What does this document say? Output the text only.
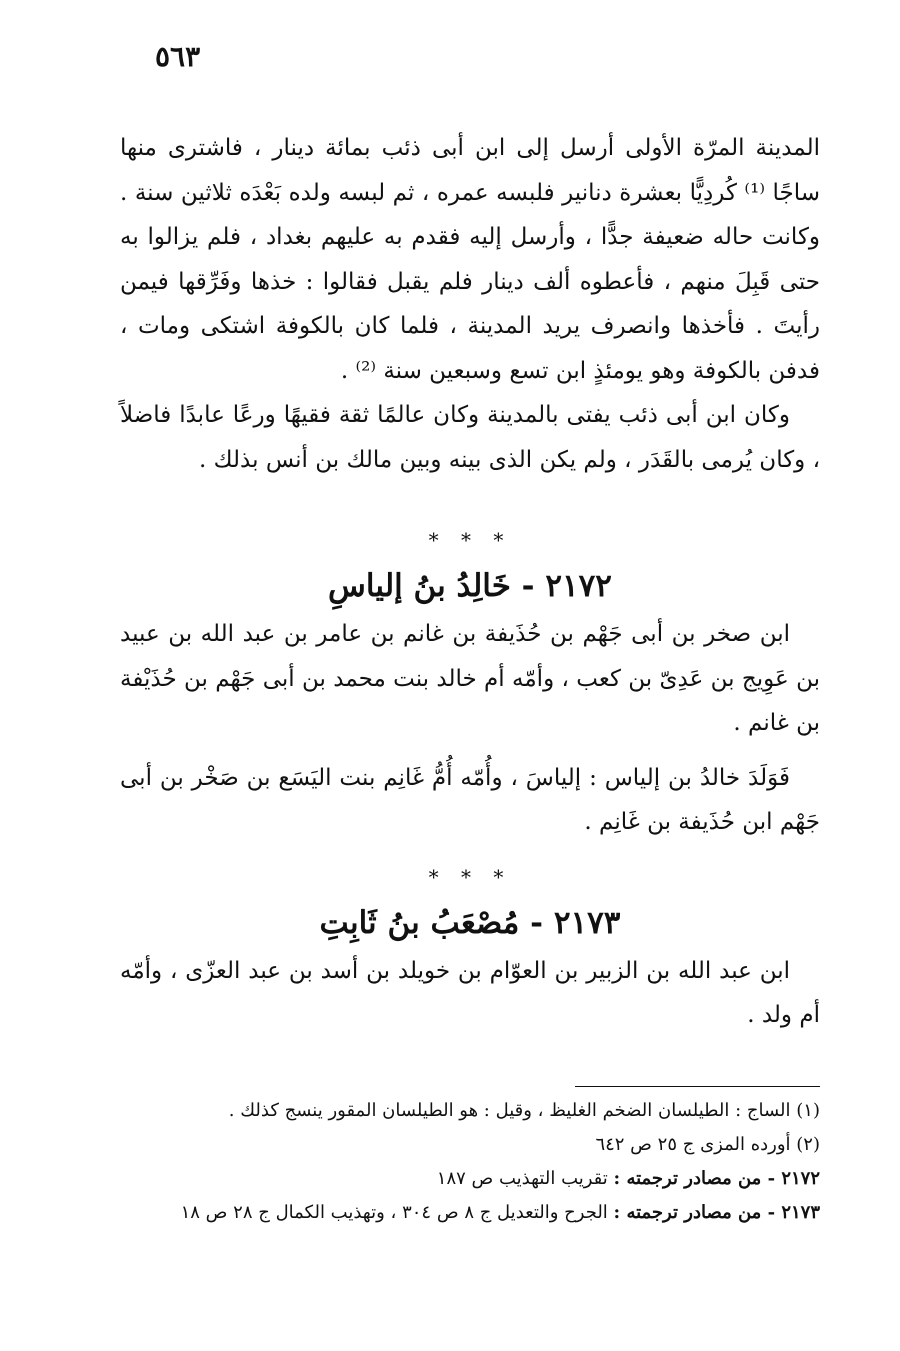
٥٦٣

المدينة المرّة الأولى أرسل إلى ابن أبى ذئب بمائة دينار ، فاشترى منها ساجًا ⁽¹⁾ كُردِيًّا بعشرة دنانير فلبسه عمره ، ثم لبسه ولده بَعْدَه ثلاثين سنة . وكانت حاله ضعيفة جدًّا ، وأرسل إليه فقدم به عليهم بغداد ، فلم يزالوا به حتى قَبِلَ منهم ، فأعطوه ألف دينار فلم يقبل فقالوا : خذها وفَرِّقها فيمن رأيتَ . فأخذها وانصرف يريد المدينة ، فلما كان بالكوفة اشتكى ومات ، فدفن بالكوفة وهو يومئذٍ ابن تسع وسبعين سنة ⁽²⁾ .

وكان ابن أبى ذئب يفتى بالمدينة وكان عالمًا ثقة فقيهًا ورعًا عابدًا فاضلاً ، وكان يُرمى بالقَدَر ، ولم يكن الذى بينه وبين مالك بن أنس بذلك .

* * *

٢١٧٢ - خَالِدُ بنُ إلياسِ

ابن صخر بن أبى جَهْم بن حُذَيفة بن غانم بن عامر بن عبد الله بن عبيد بن عَوِيج بن عَدِىّ بن كعب ، وأمّه أم خالد بنت محمد بن أبى جَهْم بن حُذَيْفة بن غانم .

فَوَلَدَ خالدُ بن إلياس : إلياسَ ، وأُمّه أُمُّ غَانِم بنت اليَسَع بن صَخْر بن أبى جَهْم ابن حُذَيفة بن غَانِم .

* * *

٢١٧٣ - مُصْعَبُ بنُ ثَابِتِ

ابن عبد الله بن الزبير بن العوّام بن خويلد بن أسد بن عبد العزّى ، وأمّه أم ولد .

(١) الساج : الطيلسان الضخم الغليظ ، وقيل : هو الطيلسان المقور ينسج كذلك .

(٢) أورده المزى ج ٢٥ ص ٦٤٢

٢١٧٢ - من مصادر ترجمته : تقريب التهذيب ص ١٨٧

٢١٧٣ - من مصادر ترجمته : الجرح والتعديل ج ٨ ص ٣٠٤ ، وتهذيب الكمال ج ٢٨ ص ١٨
